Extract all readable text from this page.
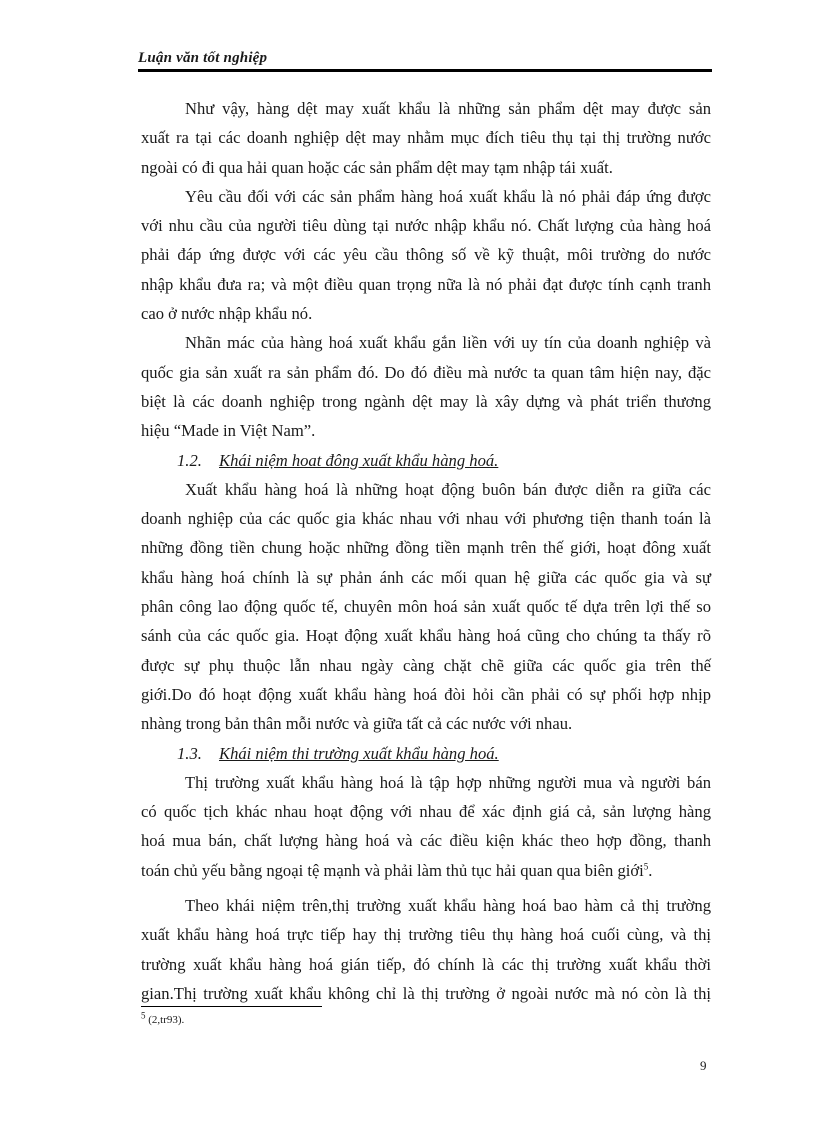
Luận văn tốt nghiệp
Như vậy, hàng dệt may xuất khẩu là những sản phẩm dệt may được sản
xuất ra tại các doanh nghiệp dệt may nhằm mục đích tiêu thụ tại thị trường nước
ngoài có đi qua hải quan hoặc các sản phẩm dệt may tạm nhập tái xuất.
Yêu cầu đối với các sản phẩm hàng hoá xuất khẩu là nó phải đáp ứng được
với nhu cầu của người tiêu dùng tại nước nhập khẩu nó. Chất lượng của hàng hoá
phải đáp ứng được với các yêu cầu thông số về kỹ thuật, môi trường do nước
nhập khẩu đưa ra; và một điều quan trọng nữa là nó phải đạt được tính cạnh tranh
cao ở nước nhập khẩu nó.
Nhãn mác của hàng hoá xuất khẩu gắn liền với uy tín của doanh nghiệp và
quốc gia sản xuất ra sản phẩm đó. Do đó điều mà nước ta quan tâm hiện nay, đặc
biệt là các doanh nghiệp trong ngành dệt may là xây dựng và phát triển thương
hiệu “Made in Việt Nam”.
1.2. Khái niệm hoat đông xuất khẩu hàng hoá.
Xuất khẩu hàng hoá là những hoạt động buôn bán được diễn ra giữa các
doanh nghiệp của các quốc gia khác nhau với nhau với phương tiện thanh toán là
những đồng tiền chung hoặc những đồng tiền mạnh trên thế giới, hoạt đông xuất
khẩu hàng hoá chính là sự phản ánh các mối quan hệ giữa các quốc gia và sự
phân công lao động quốc tế, chuyên môn hoá sản xuất quốc tế dựa trên lợi thế so
sánh của các quốc gia. Hoạt động xuất khẩu hàng hoá cũng cho chúng ta thấy rõ
được sự phụ thuộc lẫn nhau ngày càng chặt chẽ giữa các quốc gia trên thế
giới.Do đó hoạt động xuất khẩu hàng hoá đòi hỏi cần phải có sự phối hợp nhịp
nhàng trong bản thân mỗi nước và giữa tất cả các nước với nhau.
1.3. Khái niệm thi trường xuất khẩu hàng hoá.
Thị trường xuất khẩu hàng hoá là tập hợp những người mua và người bán
có quốc tịch khác nhau hoạt động với nhau để xác định giá cả, sản lượng hàng
hoá mua bán, chất lượng hàng hoá và các điều kiện khác theo hợp đồng, thanh
toán chủ yếu bằng ngoại tệ mạnh và phải làm thủ tục hải quan qua biên giới$^5$.
Theo khái niệm trên,thị trường xuất khẩu hàng hoá bao hàm cả thị trường
xuất khẩu hàng hoá trực tiếp hay thị trường tiêu thụ hàng hoá cuối cùng, và thị
trường xuất khẩu hàng hoá gián tiếp, đó chính là các thị trường xuất khẩu thời
gian.Thị trường xuất khẩu không chỉ là thị trường ở ngoài nước mà nó còn là thị
$^5$ (2,tr93).
9
